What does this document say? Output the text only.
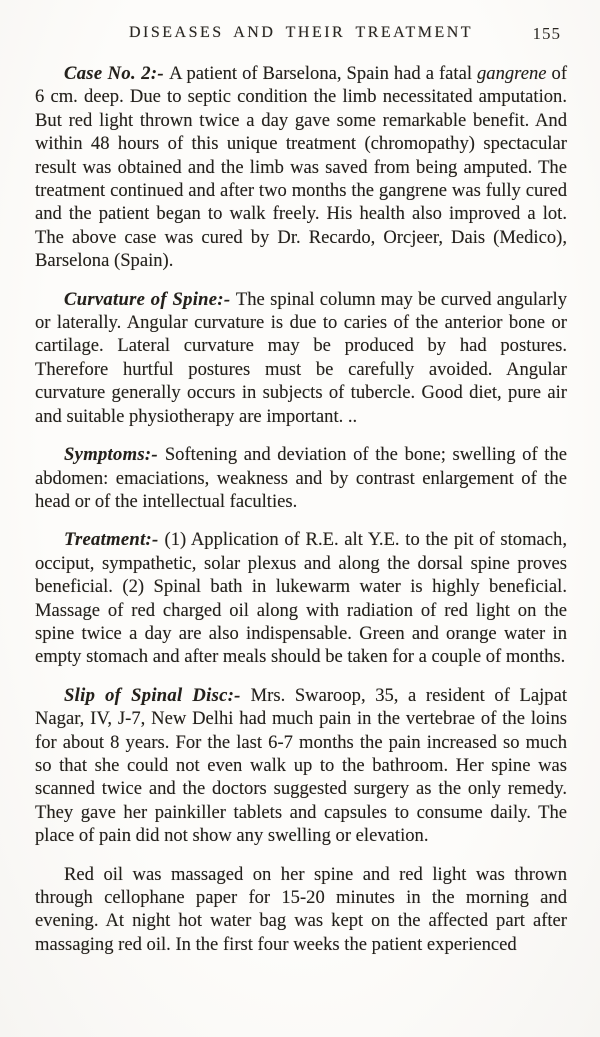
DISEASES AND THEIR TREATMENT	155

Case No. 2:- A patient of Barselona, Spain had a fatal gangrene of 6 cm. deep. Due to septic condition the limb necessitated amputation. But red light thrown twice a day gave some remarkable benefit. And within 48 hours of this unique treatment (chromopathy) spectacular result was obtained and the limb was saved from being amputed. The treatment continued and after two months the gangrene was fully cured and the patient began to walk freely. His health also improved a lot. The above case was cured by Dr. Recardo, Orcjeer, Dais (Medico), Barselona (Spain).

Curvature of Spine:- The spinal column may be curved angularly or laterally. Angular curvature is due to caries of the anterior bone or cartilage. Lateral curvature may be produced by had postures. Therefore hurtful postures must be carefully avoided. Angular curvature generally occurs in subjects of tubercle. Good diet, pure air and suitable physiotherapy are important. ..

Symptoms:- Softening and deviation of the bone; swelling of the abdomen: emaciations, weakness and by contrast enlargement of the head or of the intellectual faculties.

Treatment:- (1) Application of R.E. alt Y.E. to the pit of stomach, occiput, sympathetic, solar plexus and along the dorsal spine proves beneficial. (2) Spinal bath in lukewarm water is highly beneficial. Massage of red charged oil along with radiation of red light on the spine twice a day are also indispensable. Green and orange water in empty stomach and after meals should be taken for a couple of months.

Slip of Spinal Disc:- Mrs. Swaroop, 35, a resident of Lajpat Nagar, IV, J-7, New Delhi had much pain in the vertebrae of the loins for about 8 years. For the last 6-7 months the pain increased so much so that she could not even walk up to the bathroom. Her spine was scanned twice and the doctors suggested surgery as the only remedy. They gave her painkiller tablets and capsules to consume daily. The place of pain did not show any swelling or elevation.

Red oil was massaged on her spine and red light was thrown through cellophane paper for 15-20 minutes in the morning and evening. At night hot water bag was kept on the affected part after massaging red oil. In the first four weeks the patient experienced
